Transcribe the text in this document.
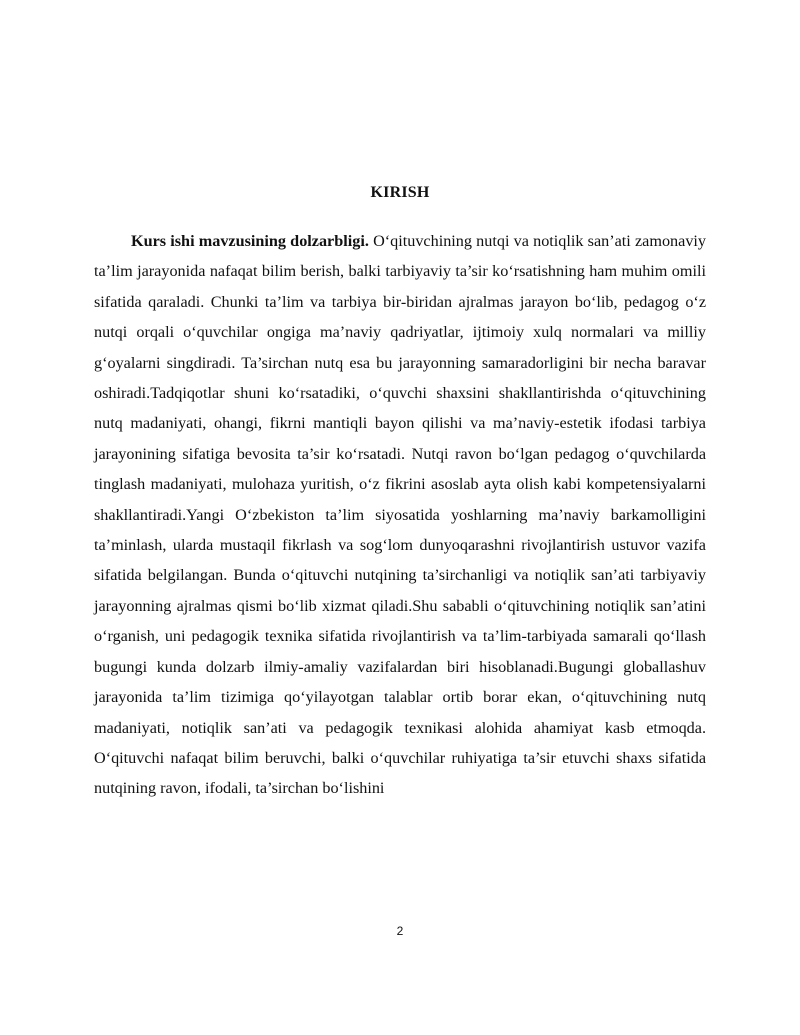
KIRISH

Kurs ishi mavzusining dolzarbligi. O‘qituvchining nutqi va notiqlik san’ati zamonaviy ta’lim jarayonida nafaqat bilim berish, balki tarbiyaviy ta’sir ko‘rsatishning ham muhim omili sifatida qaraladi. Chunki ta’lim va tarbiya bir-biridan ajralmas jarayon bo‘lib, pedagog o‘z nutqi orqali o‘quvchilar ongiga ma’naviy qadriyatlar, ijtimoiy xulq normalari va milliy g‘oyalarni singdiradi. Ta’sirchan nutq esa bu jarayonning samaradorligini bir necha baravar oshiradi.Tadqiqotlar shuni ko‘rsatadiki, o‘quvchi shaxsini shakllantirishda o‘qituvchining nutq madaniyati, ohangi, fikrni mantiqli bayon qilishi va ma’naviy-estetik ifodasi tarbiya jarayonining sifatiga bevosita ta’sir ko‘rsatadi. Nutqi ravon bo‘lgan pedagog o‘quvchilarda tinglash madaniyati, mulohaza yuritish, o‘z fikrini asoslab ayta olish kabi kompetensiyalarni shakllantiradi.Yangi O‘zbekiston ta’lim siyosatida yoshlarning ma’naviy barkamolligini ta’minlash, ularda mustaqil fikrlash va sog‘lom dunyoqarashni rivojlantirish ustuvor vazifa sifatida belgilangan. Bunda o‘qituvchi nutqining ta’sirchanligi va notiqlik san’ati tarbiyaviy jarayonning ajralmas qismi bo‘lib xizmat qiladi.Shu sababli o‘qituvchining notiqlik san’atini o‘rganish, uni pedagogik texnika sifatida rivojlantirish va ta’lim-tarbiyada samarali qo‘llash bugungi kunda dolzarb ilmiy-amaliy vazifalardan biri hisoblanadi.Bugungi globallashuv jarayonida ta’lim tizimiga qo‘yilayotgan talablar ortib borar ekan, o‘qituvchining nutq madaniyati, notiqlik san’ati va pedagogik texnikasi alohida ahamiyat kasb etmoqda. O‘qituvchi nafaqat bilim beruvchi, balki o‘quvchilar ruhiyatiga ta’sir etuvchi shaxs sifatida nutqining ravon, ifodali, ta’sirchan bo‘lishini

2
